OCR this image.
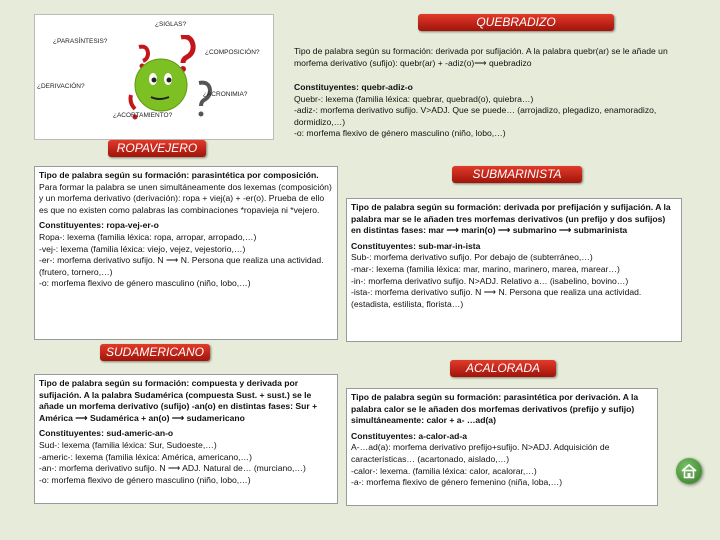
¿SIGLAS?
¿PARASÍNTESIS?
¿COMPOSICIÓN?
¿DERIVACIÓN?
¿ACRONIMIA?
¿ACORTAMIENTO?
QUEBRADIZO

Tipo de palabra según su formación: derivada por sufijación. A la palabra quebr(ar) se le añade un morfema derivativo (sufijo): quebr(ar) + -adiz(o)⟶ quebradizo

Constituyentes: quebr-adiz-o

Quebr-: lexema (familia léxica: quebrar, quebrad(o), quiebra…)

-adiz-: morfema derivativo sufijo. V>ADJ. Que se puede… (arrojadizo, plegadizo, enamoradizo, dormidizo,…)

-o: morfema flexivo de género masculino (niño, lobo,…)

ROPAVEJERO

Tipo de palabra según su formación: parasintética por composición.

Para formar la palabra se unen simultáneamente dos lexemas (composición) y un morfema derivativo (derivación): ropa + viej(a) + -er(o). Prueba de ello es que no existen como palabras las combinaciones *ropavieja ni *vejero.

Constituyentes: ropa-vej-er-o

Ropa-: lexema (familia léxica: ropa, arropar, arropado,…)

-vej-: lexema (familia léxica: viejo, vejez, vejestorio,…)

-er-: morfema derivativo sufijo. N ⟶ N. Persona que realiza una actividad. (frutero, tornero,…)

-o: morfema flexivo de género masculino (niño, lobo,…)

SUBMARINISTA

Tipo de palabra según su formación: derivada por prefijación y sufijación. A la palabra mar se le añaden tres morfemas derivativos (un prefijo y dos sufijos) en distintas fases: mar ⟶ marin(o) ⟶ submarino ⟶ submarinista

Constituyentes: sub-mar-in-ista

Sub-: morfema derivativo sufijo. Por debajo de (subterráneo,…)

-mar-: lexema (familia léxica: mar, marino, marinero, marea, marear…)

-in-: morfema derivativo sufijo. N>ADJ. Relativo a… (isabelino, bovino…)

-ista-: morfema derivativo sufijo. N ⟶ N. Persona que realiza una actividad. (estadista, estilista, florista…)

SUDAMERICANO

Tipo de palabra según su formación: compuesta y derivada por sufijación. A la palabra Sudamérica (compuesta Sust. + sust.) se le añade un morfema derivativo (sufijo) -an(o) en distintas fases: Sur + América ⟶ Sudamérica + an(o) ⟶ sudamericano

Constituyentes: sud-americ-an-o

Sud-: lexema (familia léxica: Sur, Sudoeste,…)

-americ-: lexema (familia léxica: América, americano,…)

-an-: morfema derivativo sufijo. N ⟶ ADJ. Natural de… (murciano,…)

-o: morfema flexivo de género masculino (niño, lobo,…)

ACALORADA

Tipo de palabra según su formación: parasintética por derivación. A la palabra calor se le añaden dos morfemas derivativos (prefijo y sufijo) simultáneamente: calor + a- …ad(a)

Constituyentes: a-calor-ad-a

A-…ad(a): morfema derivativo prefijo+sufijo. N>ADJ. Adquisición de características… (acartonado, aislado,…)

-calor-: lexema. (familia léxica: calor, acalorar,…)

-a-: morfema flexivo de género femenino (niña, loba,…)
